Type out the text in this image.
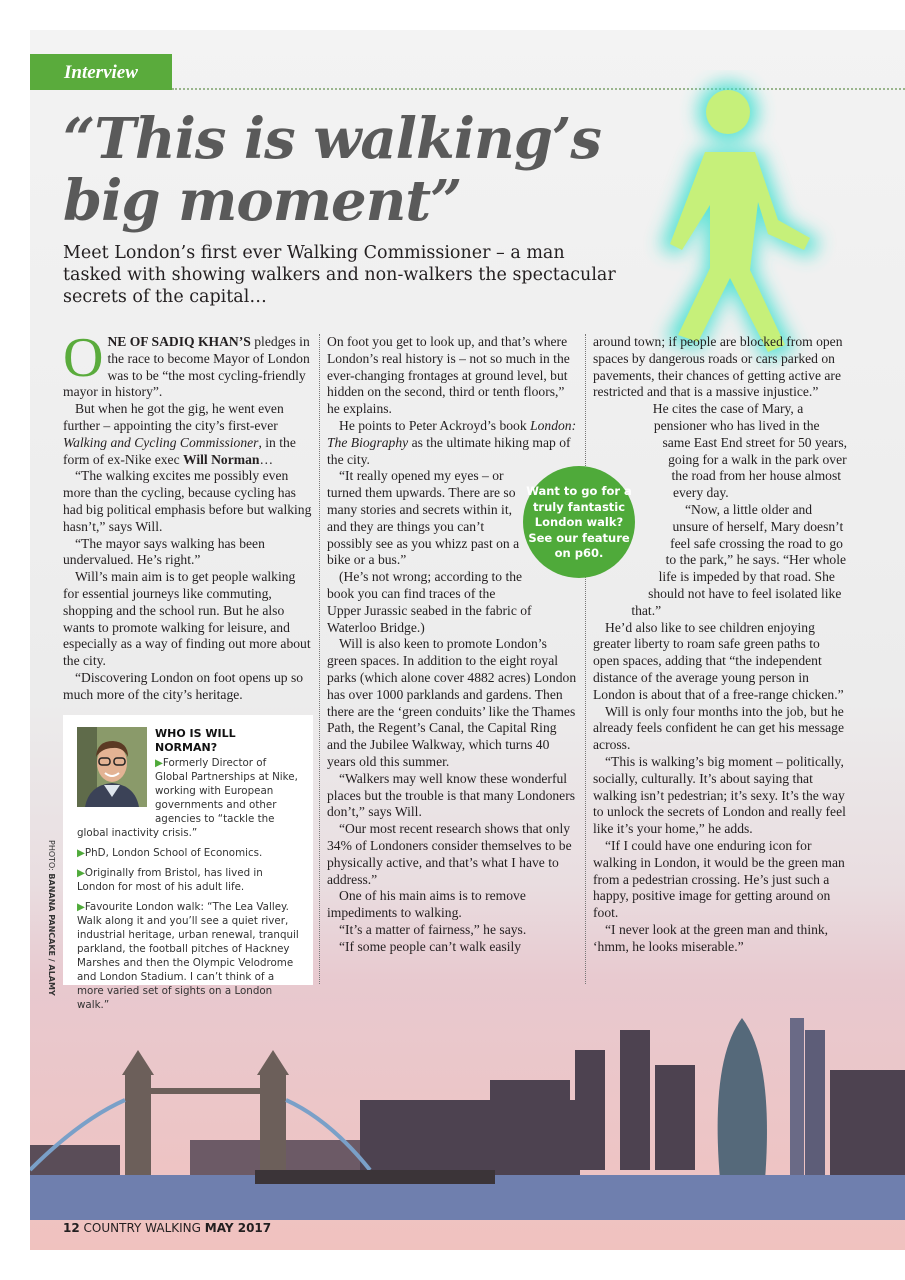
Interview
“This is walking’s
big moment”
Meet London’s first ever Walking Commissioner – a man tasked with showing walkers and non-walkers the spectacular secrets of the capital…

ONE OF SADIQ KHAN’S pledges in the race to become Mayor of London was to be “the most cycling-friendly mayor in history”.

But when he got the gig, he went even further – appointing the city’s first-ever Walking and Cycling Commissioner, in the form of ex-Nike exec Will Norman…

“The walking excites me possibly even more than the cycling, because cycling has had big political emphasis before but walking hasn’t,” says Will.

“The mayor says walking has been undervalued. He’s right.”

Will’s main aim is to get people walking for essential journeys like commuting, shopping and the school run. But he also wants to promote walking for leisure, and especially as a way of finding out more about the city.

“Discovering London on foot opens up so much more of the city’s heritage.

On foot you get to look up, and that’s where London’s real history is – not so much in the ever-changing frontages at ground level, but hidden on the second, third or tenth floors,” he explains.

He points to Peter Ackroyd’s book London: The Biography as the ultimate hiking map of the city.

“It really opened my eyes – or turned them upwards. There are so many stories and secrets within it, and they are things you can’t possibly see as you whizz past on a bike or a bus.”

(He’s not wrong; according to the book you can find traces of the Upper Jurassic seabed in the fabric of Waterloo Bridge.)

Will is also keen to promote London’s green spaces. In addition to the eight royal parks (which alone cover 4882 acres) London has over 1000 parklands and gardens. Then there are the ‘green conduits’ like the Thames Path, the Regent’s Canal, the Capital Ring and the Jubilee Walkway, which turns 40 years old this summer.

“Walkers may well know these wonderful places but the trouble is that many Londoners don’t,” says Will.

“Our most recent research shows that only 34% of Londoners consider themselves to be physically active, and that’s what I have to address.”

One of his main aims is to remove impediments to walking.

“It’s a matter of fairness,” he says.

“If some people can’t walk easily

around town; if people are blocked from open spaces by dangerous roads or cars parked on pavements, their chances of getting active are restricted and that is a massive injustice.”

He cites the case of Mary, a pensioner who has lived in the same East End street for 50 years, going for a walk in the park over the road from her house almost every day.

“Now, a little older and unsure of herself, Mary doesn’t feel safe crossing the road to go to the park,” he says. “Her whole life is impeded by that road. She should not have to feel isolated like that.”

He’d also like to see children enjoying greater liberty to roam safe green paths to open spaces, adding that “the independent distance of the average young person in London is about that of a free-range chicken.”

Will is only four months into the job, but he already feels confident he can get his message across.

“This is walking’s big moment – politically, socially, culturally. It’s about saying that walking isn’t pedestrian; it’s sexy. It’s the way to unlock the secrets of London and really feel like it’s your home,” he adds.

“If I could have one enduring icon for walking in London, it would be the green man from a pedestrian crossing. He’s just such a happy, positive image for getting around on foot.

“I never look at the green man and think, ‘hmm, he looks miserable.”

Want to go for a truly fantastic London walk? See our feature on p60.
WHO IS WILL NORMAN?

▶Formerly Director of Global Partnerships at Nike, working with European governments and other agencies to “tackle the global inactivity crisis.”

▶PhD, London School of Economics.

▶Originally from Bristol, has lived in London for most of his adult life.

▶Favourite London walk: “The Lea Valley. Walk along it and you’ll see a quiet river, industrial heritage, urban renewal, tranquil parkland, the football pitches of Hackney Marshes and then the Olympic Velodrome and London Stadium. I can’t think of a more varied set of sights on a London walk.”

PHOTO: BANANA PANCAKE / ALAMY
12 COUNTRY WALKING MAY 2017
